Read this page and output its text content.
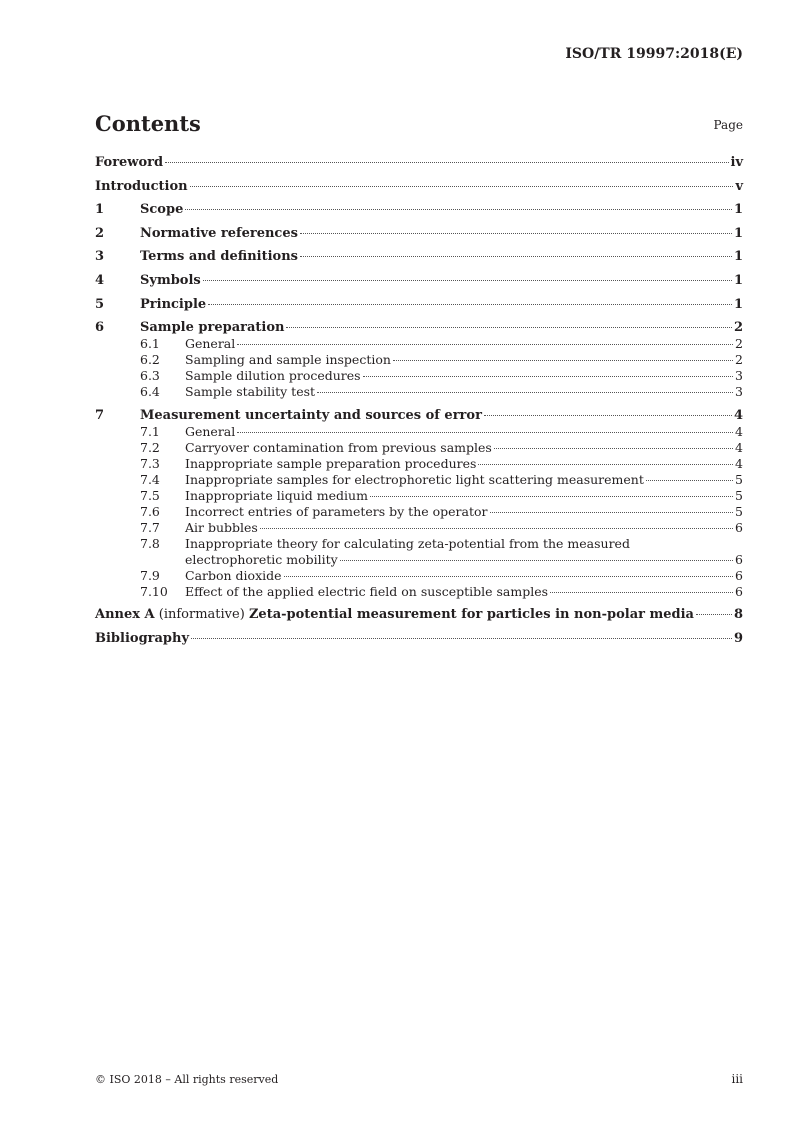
ISO/TR 19997:2018(E)
Contents	Page
Foreword	iv
Introduction	v
1	Scope	1
2	Normative references	1
3	Terms and definitions	1
4	Symbols	1
5	Principle	1
6	Sample preparation	2
6.1	General	2
6.2	Sampling and sample inspection	2
6.3	Sample dilution procedures	3
6.4	Sample stability test	3
7	Measurement uncertainty and sources of error	4
7.1	General	4
7.2	Carryover contamination from previous samples	4
7.3	Inappropriate sample preparation procedures	4
7.4	Inappropriate samples for electrophoretic light scattering measurement	5
7.5	Inappropriate liquid medium	5
7.6	Incorrect entries of parameters by the operator	5
7.7	Air bubbles	6
7.8	Inappropriate theory for calculating zeta-potential from the measured
electrophoretic mobility	6
7.9	Carbon dioxide	6
7.10	Effect of the applied electric field on susceptible samples	6
Annex A (informative) Zeta-potential measurement for particles in non-polar media	8
Bibliography	9
© ISO 2018 – All rights reserved	iii
